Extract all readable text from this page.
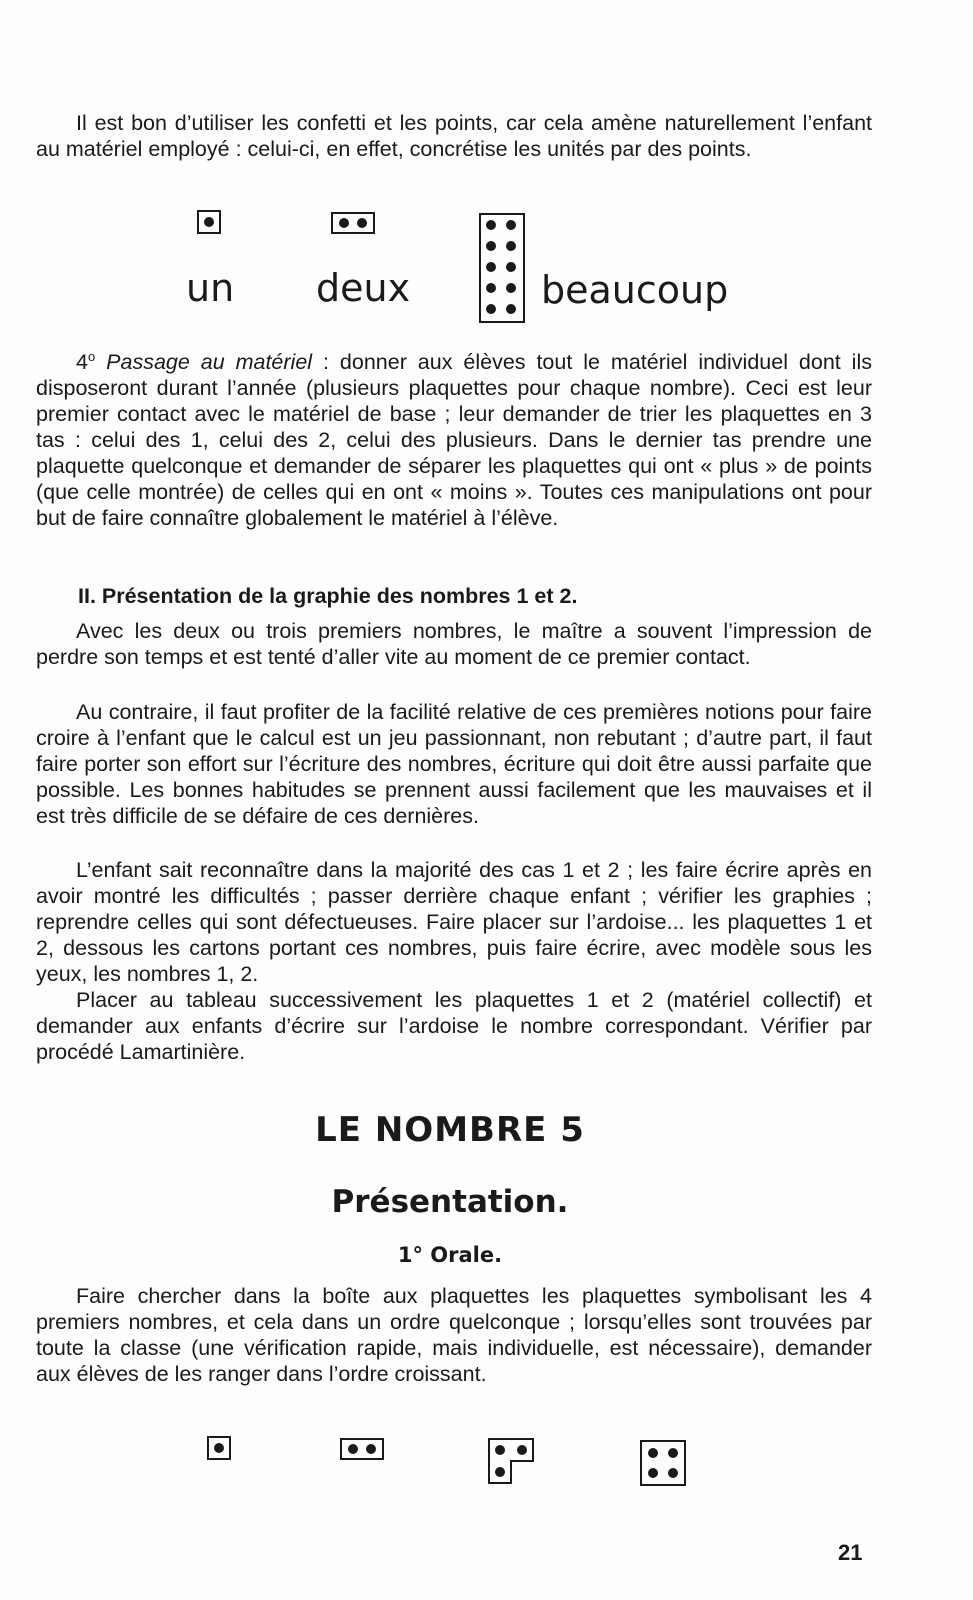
Il est bon d’utiliser les confetti et les points, car cela amène naturellement l’enfant au matériel employé : celui-ci, en effet, concrétise les unités par des points.

un deux	beaucoup

4$^o$ Passage au matériel : donner aux élèves tout le matériel individuel dont ils disposeront durant l’année (plusieurs plaquettes pour chaque nombre). Ceci est leur premier contact avec le matériel de base ; leur demander de trier les plaquettes en 3 tas : celui des 1, celui des 2, celui des plusieurs. Dans le dernier tas prendre une plaquette quelconque et demander de séparer les plaquettes qui ont « plus » de points (que celle montrée) de celles qui en ont « moins ». Toutes ces manipulations ont pour but de faire connaître globalement le matériel à l’élève.

II. Présentation de la graphie des nombres 1 et 2.

Avec les deux ou trois premiers nombres, le maître a souvent l’impression de perdre son temps et est tenté d’aller vite au moment de ce premier contact.

Au contraire, il faut profiter de la facilité relative de ces premières notions pour faire croire à l’enfant que le calcul est un jeu passionnant, non rebutant ; d’autre part, il faut faire porter son effort sur l’écriture des nombres, écriture qui doit être aussi parfaite que possible. Les bonnes habitudes se prennent aussi facilement que les mauvaises et il est très difficile de se défaire de ces dernières.

L’enfant sait reconnaître dans la majorité des cas 1 et 2 ; les faire écrire après en avoir montré les difficultés ; passer derrière chaque enfant ; vérifier les graphies ; reprendre celles qui sont défectueuses. Faire placer sur l’ardoise... les plaquettes 1 et 2, dessous les cartons portant ces nombres, puis faire écrire, avec modèle sous les yeux, les nombres 1, 2.

Placer au tableau successivement les plaquettes 1 et 2 (matériel collectif) et demander aux enfants d’écrire sur l’ardoise le nombre correspondant. Vérifier par procédé Lamartinière.

LE NOMBRE 5
Présentation.
1° Orale.

Faire chercher dans la boîte aux plaquettes les plaquettes symbolisant les 4 premiers nombres, et cela dans un ordre quelconque ; lorsqu’elles sont trouvées par toute la classe (une vérification rapide, mais individuelle, est nécessaire), demander aux élèves de les ranger dans l’ordre croissant.

21
